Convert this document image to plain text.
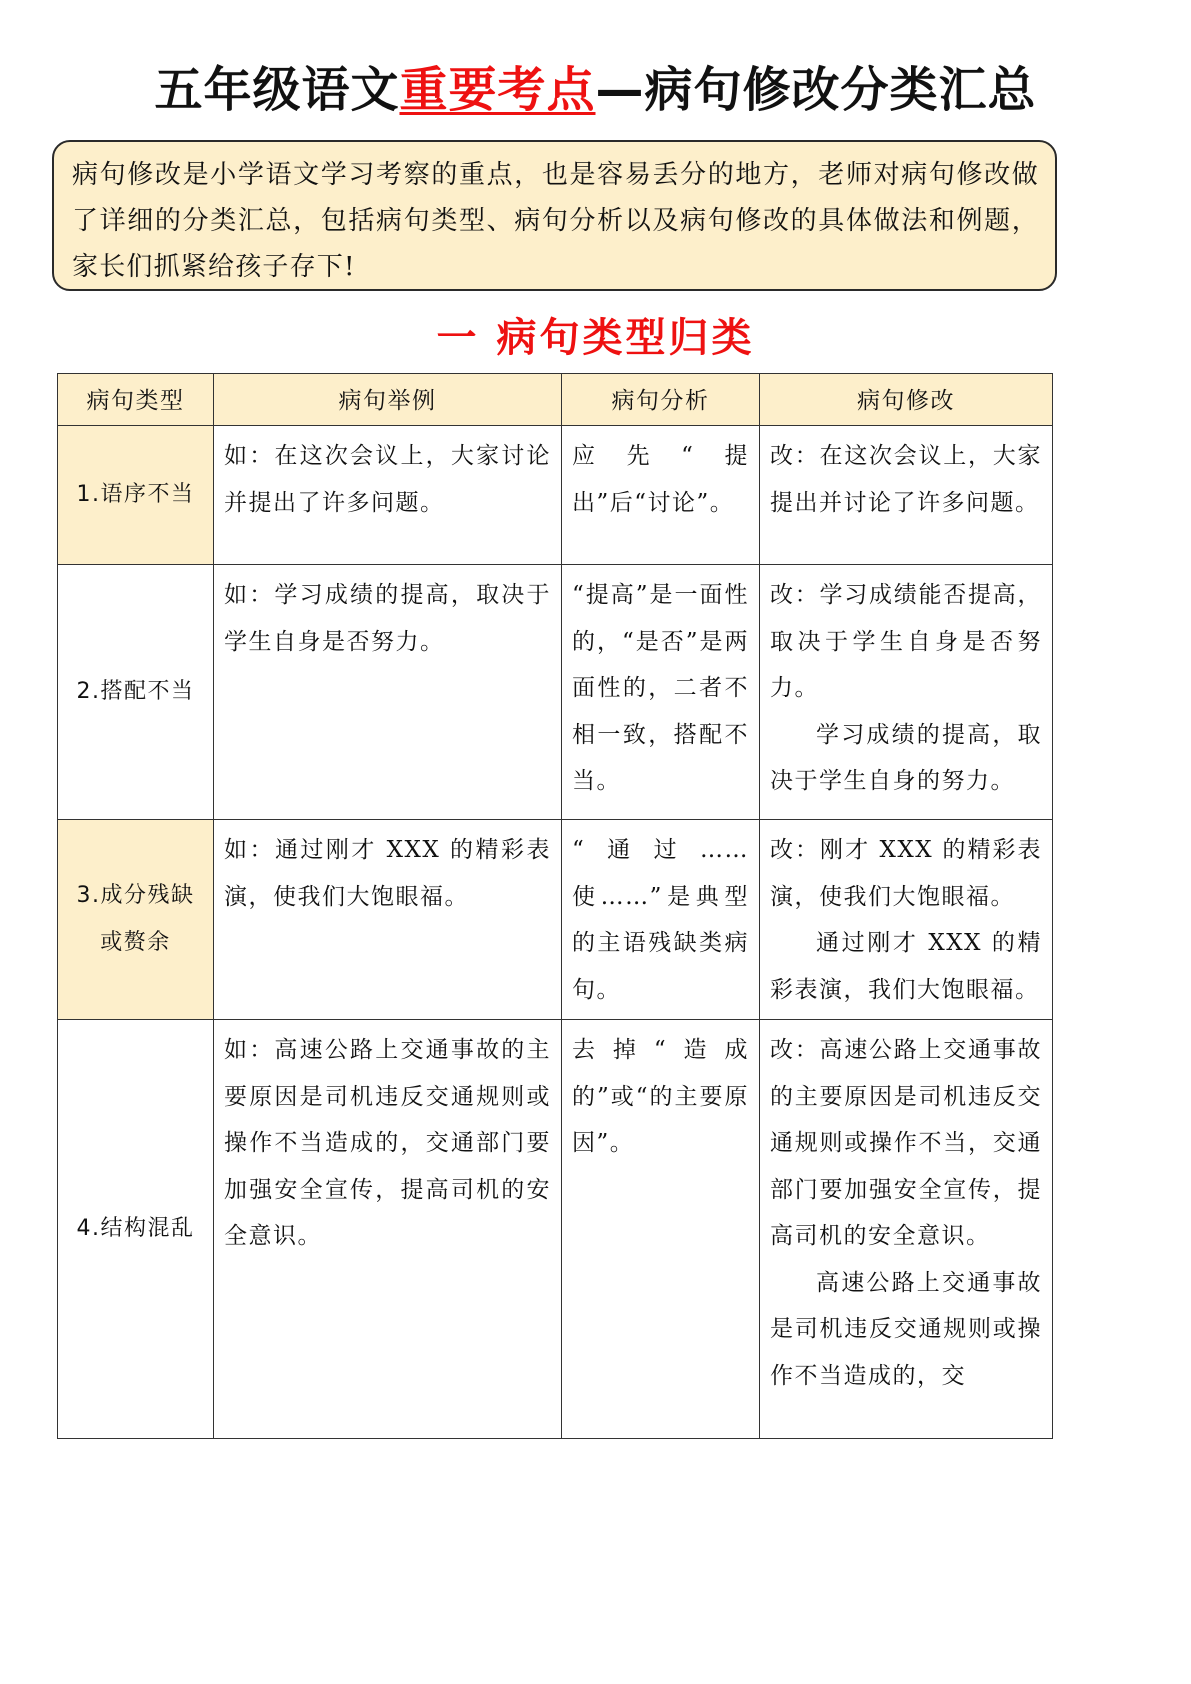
五年级语文重要考点—病句修改分类汇总
病句修改是小学语文学习考察的重点，也是容易丢分的地方，老师对病句修改做了详细的分类汇总，包括病句类型、病句分析以及病句修改的具体做法和例题，家长们抓紧给孩子存下!
一 病句类型归类
病句类型	病句举例	病句分析	病句修改
1.语序不当	如：在这次会议上，大家讨论并提出了许多问题。	应先“提出”后“讨论”。	改：在这次会议上，大家提出并讨论了许多问题。

2.搭配不当	如：学习成绩的提高，取决于学生自身是否努力。	“提高”是一面性的，“是否”是两面性的，二者不相一致，搭配不当。	改：学习成绩能否提高，取决于学生自身是否努力。
学习成绩的提高，取决于学生自身的努力。

3.成分残缺
或赘余	如：通过刚才 XXX 的精彩表演，使我们大饱眼福。	“通过……使……”是典型的主语残缺类病句。	改：刚才 XXX 的精彩表演，使我们大饱眼福。
通过刚才 XXX 的精彩表演，我们大饱眼福。

4.结构混乱	如：高速公路上交通事故的主要原因是司机违反交通规则或操作不当造成的，交通部门要加强安全宣传，提高司机的安全意识。	去掉“造成的”或“的主要原因”。	改：高速公路上交通事故的主要原因是司机违反交通规则或操作不当，交通部门要加强安全宣传，提高司机的安全意识。
高速公路上交通事故是司机违反交通规则或操作不当造成的，交
